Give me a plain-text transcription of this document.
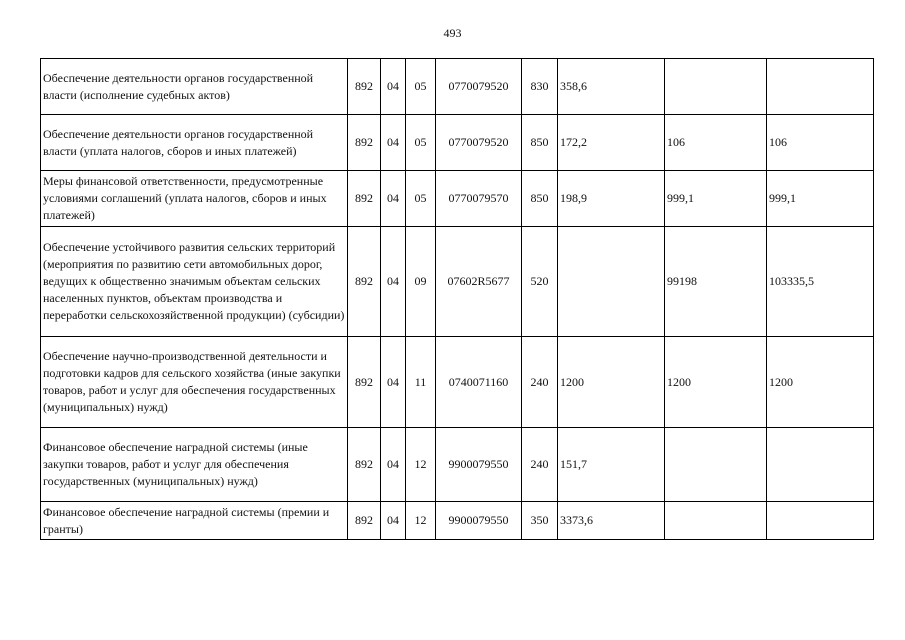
493
Обеспечение деятельности органов государственной власти (исполнение судебных актов)	892	04	05	0770079520	830	358,6		
Обеспечение деятельности органов государственной власти (уплата налогов, сборов и иных платежей)	892	04	05	0770079520	850	172,2	106	106
Меры финансовой ответственности, предусмотренные условиями соглашений (уплата налогов, сборов и иных платежей)	892	04	05	0770079570	850	198,9	999,1	999,1
Обеспечение устойчивого развития сельских территорий (мероприятия по развитию сети автомобильных дорог, ведущих к общественно значимым объектам сельских населенных пунктов, объектам производства и переработки сельскохозяйственной продукции) (субсидии)	892	04	09	07602R5677	520		99198	103335,5
Обеспечение научно-производственной деятельности и подготовки кадров для сельского хозяйства (иные закупки товаров, работ и услуг для обеспечения государственных (муниципальных) нужд)	892	04	11	0740071160	240	1200	1200	1200
Финансовое обеспечение наградной системы (иные закупки товаров, работ и услуг для обеспечения государственных (муниципальных) нужд)	892	04	12	9900079550	240	151,7		
Финансовое обеспечение наградной системы (премии и гранты)	892	04	12	9900079550	350	3373,6		
